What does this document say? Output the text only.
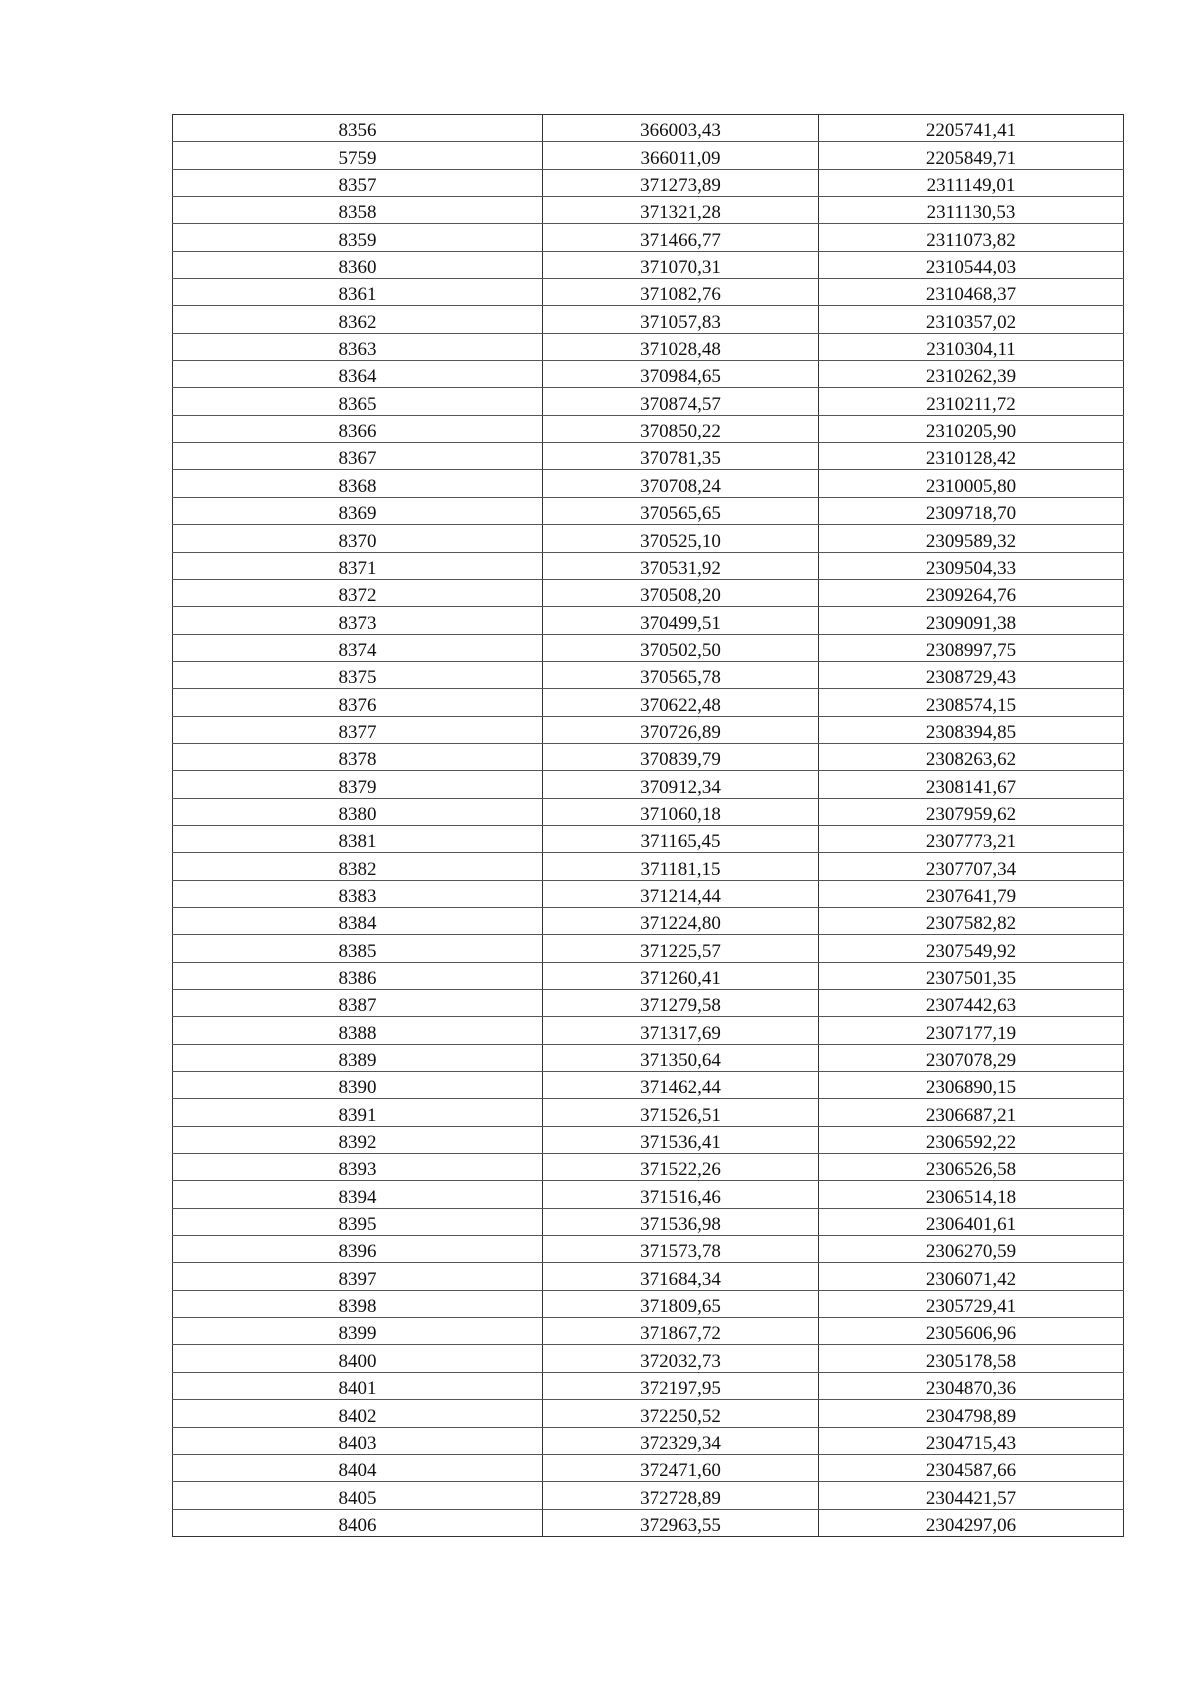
8356	366003,43	2205741,41
5759	366011,09	2205849,71
8357	371273,89	2311149,01
8358	371321,28	2311130,53
8359	371466,77	2311073,82
8360	371070,31	2310544,03
8361	371082,76	2310468,37
8362	371057,83	2310357,02
8363	371028,48	2310304,11
8364	370984,65	2310262,39
8365	370874,57	2310211,72
8366	370850,22	2310205,90
8367	370781,35	2310128,42
8368	370708,24	2310005,80
8369	370565,65	2309718,70
8370	370525,10	2309589,32
8371	370531,92	2309504,33
8372	370508,20	2309264,76
8373	370499,51	2309091,38
8374	370502,50	2308997,75
8375	370565,78	2308729,43
8376	370622,48	2308574,15
8377	370726,89	2308394,85
8378	370839,79	2308263,62
8379	370912,34	2308141,67
8380	371060,18	2307959,62
8381	371165,45	2307773,21
8382	371181,15	2307707,34
8383	371214,44	2307641,79
8384	371224,80	2307582,82
8385	371225,57	2307549,92
8386	371260,41	2307501,35
8387	371279,58	2307442,63
8388	371317,69	2307177,19
8389	371350,64	2307078,29
8390	371462,44	2306890,15
8391	371526,51	2306687,21
8392	371536,41	2306592,22
8393	371522,26	2306526,58
8394	371516,46	2306514,18
8395	371536,98	2306401,61
8396	371573,78	2306270,59
8397	371684,34	2306071,42
8398	371809,65	2305729,41
8399	371867,72	2305606,96
8400	372032,73	2305178,58
8401	372197,95	2304870,36
8402	372250,52	2304798,89
8403	372329,34	2304715,43
8404	372471,60	2304587,66
8405	372728,89	2304421,57
8406	372963,55	2304297,06
